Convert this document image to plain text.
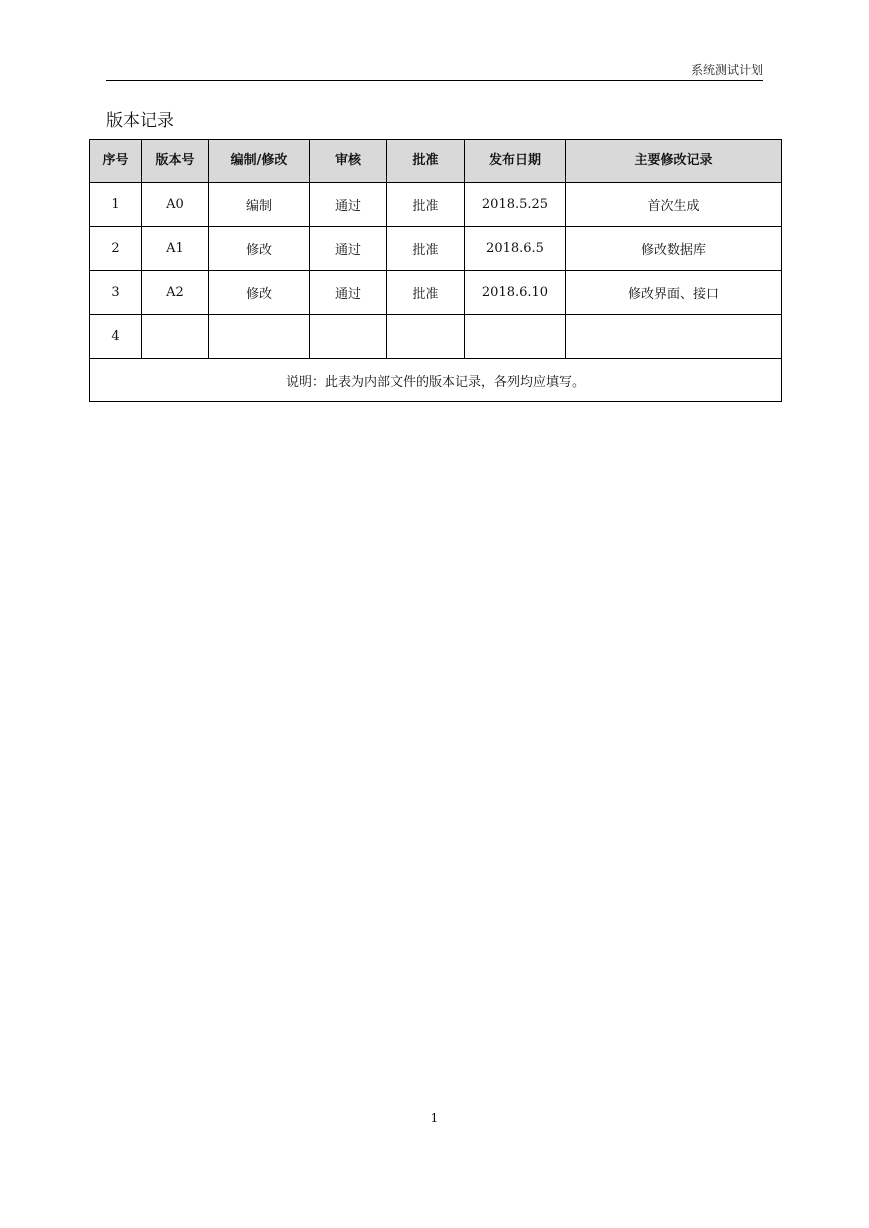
系统测试计划
版本记录
序号	版本号	编制/修改	审核	批准	发布日期	主要修改记录
1	A0	编制	通过	批准	2018.5.25	首次生成
2	A1	修改	通过	批准	2018.6.5	修改数据库
3	A2	修改	通过	批准	2018.6.10	修改界面、接口
4						
说明：此表为内部文件的版本记录，各列均应填写。						
1
